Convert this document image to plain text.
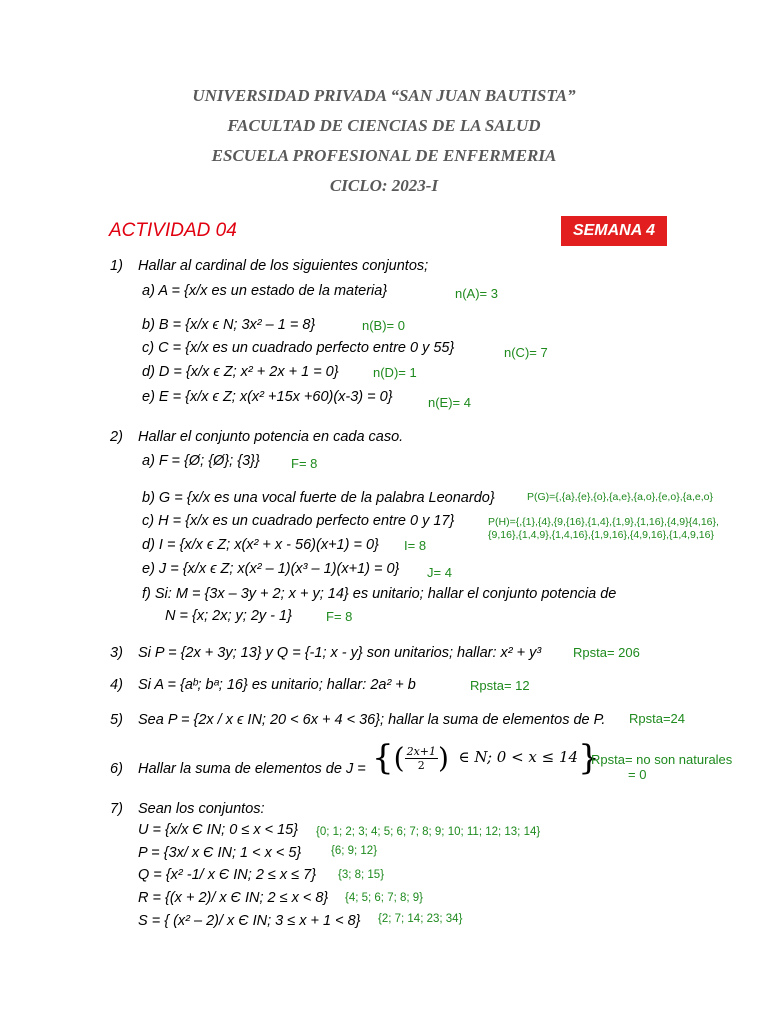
UNIVERSIDAD PRIVADA “SAN JUAN BAUTISTA”
FACULTAD DE CIENCIAS DE LA SALUD
ESCUELA PROFESIONAL DE ENFERMERIA
CICLO: 2023-I
ACTIVIDAD 04	SEMANA 4
1) Hallar al cardinal de los siguientes conjuntos;
a) A = {x/x es un estado de la materia}	n(A)= 3
b) B = {x/x ϵ N; 3x² – 1 = 8}	n(B)= 0
c) C = {x/x es un cuadrado perfecto entre 0 y 55}	n(C)= 7
d) D = {x/x ϵ Z; x² + 2x + 1 = 0}	n(D)= 1
e) E = {x/x ϵ Z; x(x² +15x +60)(x-3) = 0}	n(E)= 4
2) Hallar el conjunto potencia en cada caso.
a) F = {Ø; {Ø}; {3}} F= 8
b) G = {x/x es una vocal fuerte de la palabra Leonardo}	P(G)={,{a},{e},{o},{a,e},{a,o},{e,o},{a,e,o}
c) H = {x/x es un cuadrado perfecto entre 0 y 17}	P(H)={,{1},{4},{9,{16},{1,4},{1,9},{1,16},{4,9}{4,16},
{9,16},{1,4,9},{1,4,16},{1,9,16},{4,9,16},{1,4,9,16}
d) I = {x/x ϵ Z; x(x² + x - 56)(x+1) = 0} I= 8
e) J = {x/x ϵ Z; x(x² – 1)(x³ – 1)(x+1) = 0} J= 4
f) Si: M = {3x – 3y + 2; x + y; 14} es unitario; hallar el conjunto potencia de
N = {x; 2x; y; 2y - 1}	F= 8
3) Si P = {2x + 3y; 13} y Q = {-1; x - y} son unitarios; hallar: x² + y³ Rpsta= 206
4) Si A = {aᵇ; bᵃ; 16} es unitario; hallar: 2a² + b	Rpsta= 12
5) Sea P = {2x / x ϵ IN; 20 < 6x + 4 < 36}; hallar la suma de elementos de P. Rpsta=24
6) Hallar la suma de elementos de J = {( $\frac{2x+1}{2}$ ) ∈ N; 0 < x ≤ 14}
Rpsta= no son naturales
= 0
7) Sean los conjuntos:
U = {x/x Є IN; 0 ≤ x < 15} {0; 1; 2; 3; 4; 5; 6; 7; 8; 9; 10; 11; 12; 13; 14}
P = {3x/ x Є IN; 1 < x < 5}	{6; 9; 12}
Q = {x² -1/ x Є IN; 2 ≤ x ≤ 7} {3; 8; 15}
R = {(x + 2)/ x Є IN; 2 ≤ x < 8} {4; 5; 6; 7; 8; 9}
S = { (x² – 2)/ x Є IN; 3 ≤ x + 1 < 8} {2; 7; 14; 23; 34}
